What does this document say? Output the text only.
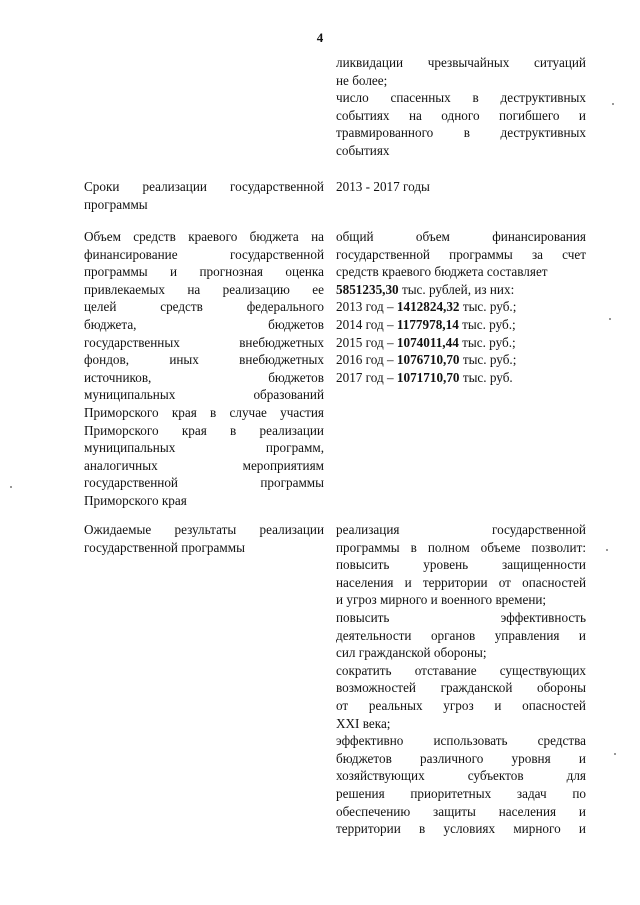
4
ликвидации чрезвычайных ситуаций
не более;
число спасенных в деструктивных
событиях на одного погибшего и
травмированного в деструктивных
событиях
Сроки реализации государственной
программы
2013 - 2017 годы
Объем средств краевого бюджета на
финансирование государственной
программы и прогнозная оценка
привлекаемых на реализацию ее
целей средств федерального
бюджета, бюджетов
государственных внебюджетных
фондов, иных внебюджетных
источников, бюджетов
муниципальных образований
Приморского края в случае участия
Приморского края в реализации
муниципальных программ,
аналогичных мероприятиям
государственной программы
Приморского края
общий объем финансирования
государственной программы за счет
средств краевого бюджета составляет
5851235,30 тыс. рублей, из них:
2013 год – 1412824,32 тыс. руб.;
2014 год – 1177978,14 тыс. руб.;
2015 год – 1074011,44 тыс. руб.;
2016 год – 1076710,70 тыс. руб.;
2017 год – 1071710,70 тыс. руб.
Ожидаемые результаты реализации
государственной программы
реализация государственной
программы в полном объеме позволит:
повысить уровень защищенности
населения и территории от опасностей
и угроз мирного и военного времени;
повысить эффективность
деятельности органов управления и
сил гражданской обороны;
сократить отставание существующих
возможностей гражданской обороны
от реальных угроз и опасностей
XXI века;
эффективно использовать средства
бюджетов различного уровня и
хозяйствующих субъектов для
решения приоритетных задач по
обеспечению защиты населения и
территории в условиях мирного и
